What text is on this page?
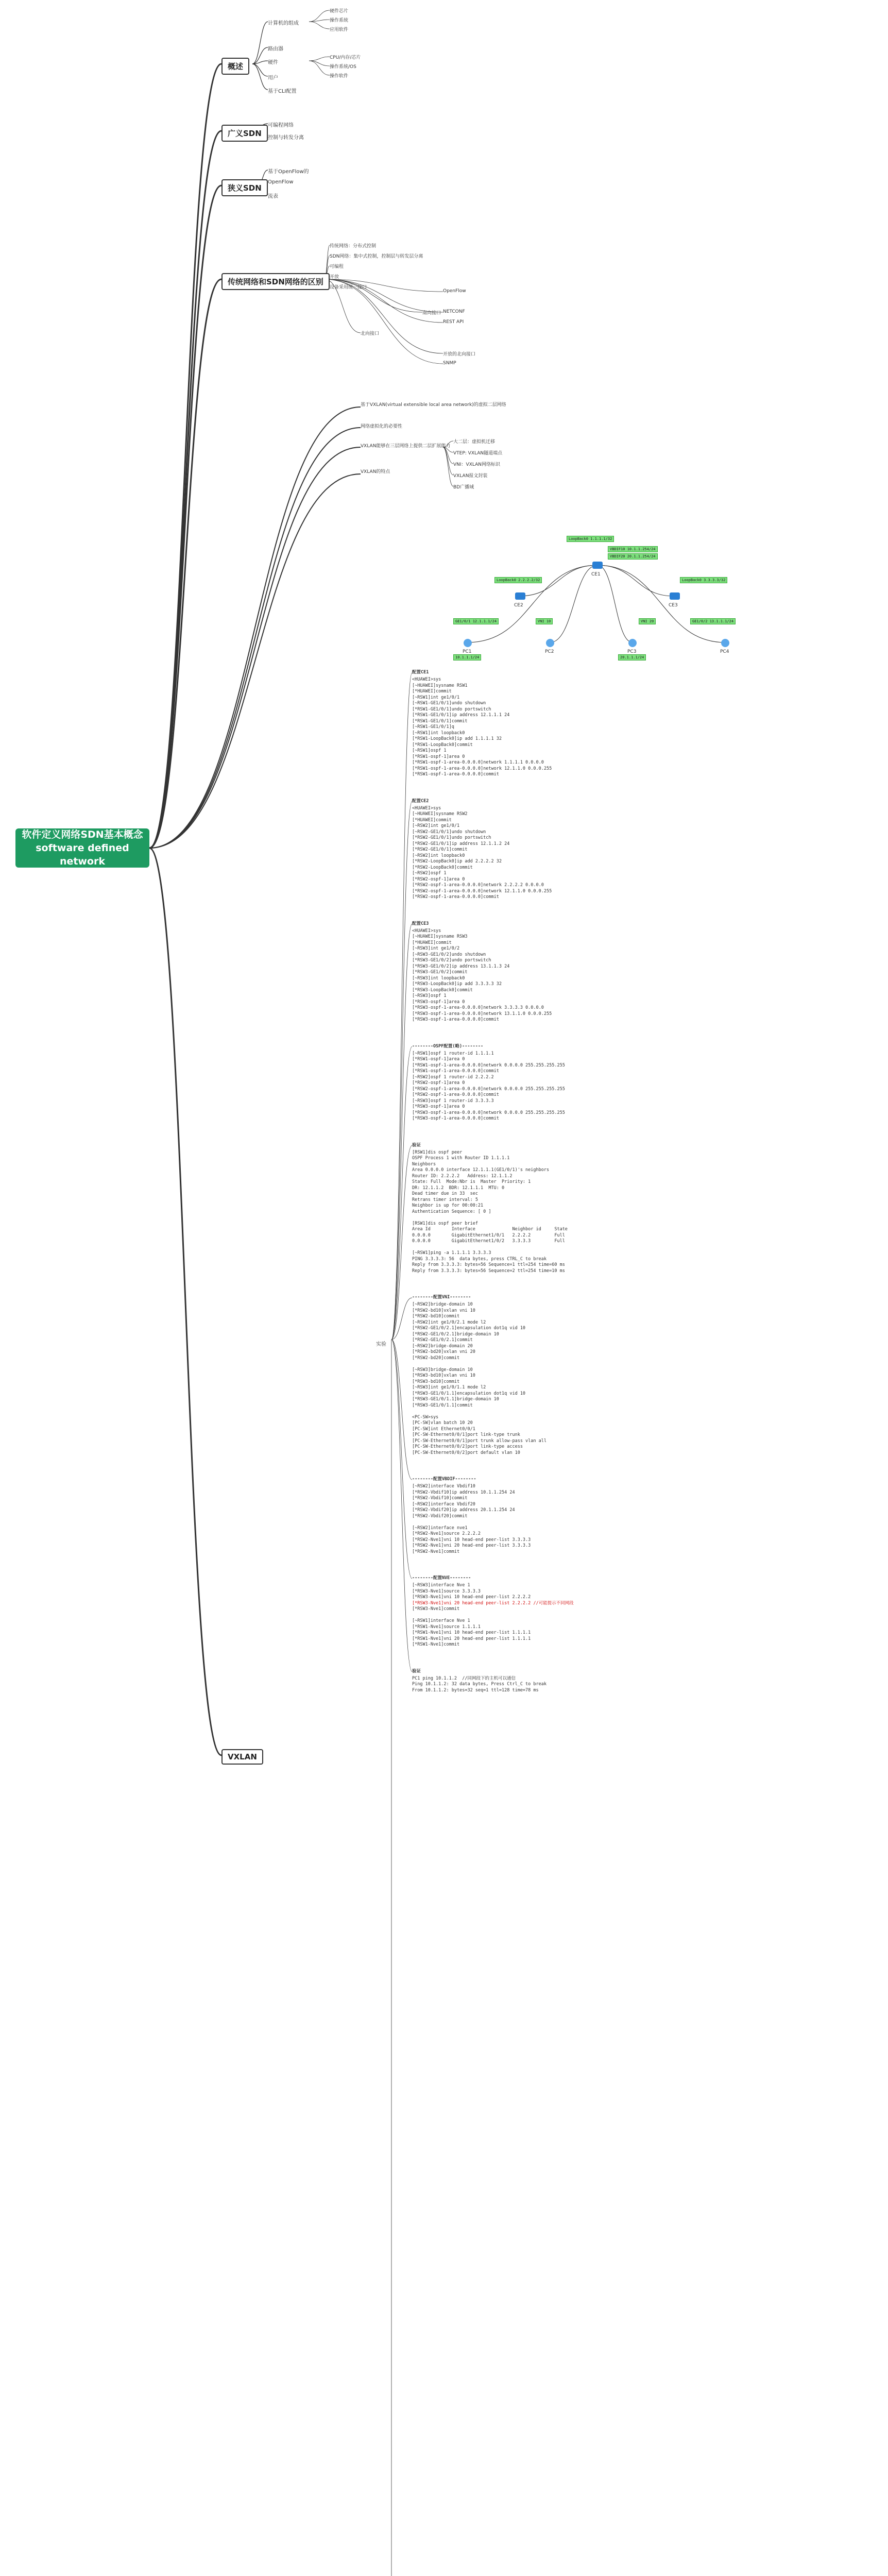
软件定义网络SDN基本概念
software defined network
概述
广义SDN
可编程网络
控制与转发分离
狭义SDN
基于OpenFlow的
OpenFlow
流表
传统网络和SDN网络的区别
VXLAN
实验
计算机的组成
硬件芯片
操作系统
应用软件
路由器
硬件
CPU/内存/芯片
操作系统/OS
操作软件
用户
基于CLI配置
传统网络：分布式控制
SDN网络：集中式控制，控制层与转发层分离
可编程
开放
设备采用统一接口
南向接口
北向接口
OpenFlow
NETCONF
REST API
开放的北向接口
SNMP
基于VXLAN(virtual extensible local area network)的虚拟二层网络
网络虚拟化的必要性
VXLAN能够在三层网络上提供二层扩展能力
VXLAN的特点
大二层：虚拟机迁移
VTEP: VXLAN隧道端点
VNI：VXLAN网络标识
VXLAN报文封装
BD广播域
CE1
CE2	CE3
PC1	PC2	PC3	PC4
VBDIF10 10.1.1.254/24
VBDIF20 20.1.1.254/24
10.1.1.1/24	20.1.1.1/24
LoopBack0 1.1.1.1/32
LoopBack0 2.2.2.2/32	LoopBack0 3.3.3.3/32
GE1/0/1 12.1.1.1/24	GE1/0/2 13.1.1.1/24
VNI 10	VNI 20
配置CE1
<HUAWEI>sys
[~HUAWEI]sysname RSW1
[*HUAWEI]commit
[~RSW1]int ge1/0/1
[~RSW1-GE1/0/1]undo shutdown
[*RSW1-GE1/0/1]undo portswitch
[*RSW1-GE1/0/1]ip address 12.1.1.1 24
[*RSW1-GE1/0/1]commit
[~RSW1-GE1/0/1]q
[~RSW1]int loopback0
[*RSW1-LoopBack0]ip add 1.1.1.1 32
[*RSW1-LoopBack0]commit
[~RSW1]ospf 1
[*RSW1-ospf-1]area 0
[*RSW1-ospf-1-area-0.0.0.0]network 1.1.1.1 0.0.0.0
[*RSW1-ospf-1-area-0.0.0.0]network 12.1.1.0 0.0.0.255
[*RSW1-ospf-1-area-0.0.0.0]commit
配置CE2
<HUAWEI>sys
[~HUAWEI]sysname RSW2
[*HUAWEI]commit
[~RSW2]int ge1/0/1
[~RSW2-GE1/0/1]undo shutdown
[*RSW2-GE1/0/1]undo portswitch
[*RSW2-GE1/0/1]ip address 12.1.1.2 24
[*RSW2-GE1/0/1]commit
[~RSW2]int loopback0
[*RSW2-LoopBack0]ip add 2.2.2.2 32
[*RSW2-LoopBack0]commit
[~RSW2]ospf 1
[*RSW2-ospf-1]area 0
[*RSW2-ospf-1-area-0.0.0.0]network 2.2.2.2 0.0.0.0
[*RSW2-ospf-1-area-0.0.0.0]network 12.1.1.0 0.0.0.255
[*RSW2-ospf-1-area-0.0.0.0]commit
配置CE3
<HUAWEI>sys
[~HUAWEI]sysname RSW3
[*HUAWEI]commit
[~RSW3]int ge1/0/2
[~RSW3-GE1/0/2]undo shutdown
[*RSW3-GE1/0/2]undo portswitch
[*RSW3-GE1/0/2]ip address 13.1.1.3 24
[*RSW3-GE1/0/2]commit
[~RSW3]int loopback0
[*RSW3-LoopBack0]ip add 3.3.3.3 32
[*RSW3-LoopBack0]commit
[~RSW3]ospf 1
[*RSW3-ospf-1]area 0
[*RSW3-ospf-1-area-0.0.0.0]network 3.3.3.3 0.0.0.0
[*RSW3-ospf-1-area-0.0.0.0]network 13.1.1.0 0.0.0.255
[*RSW3-ospf-1-area-0.0.0.0]commit
--------OSPF配置(略)--------
[~RSW1]ospf 1 router-id 1.1.1.1
[*RSW1-ospf-1]area 0
[*RSW1-ospf-1-area-0.0.0.0]network 0.0.0.0 255.255.255.255
[*RSW1-ospf-1-area-0.0.0.0]commit
[~RSW2]ospf 1 router-id 2.2.2.2
[*RSW2-ospf-1]area 0
[*RSW2-ospf-1-area-0.0.0.0]network 0.0.0.0 255.255.255.255
[*RSW2-ospf-1-area-0.0.0.0]commit
[~RSW3]ospf 1 router-id 3.3.3.3
[*RSW3-ospf-1]area 0
[*RSW3-ospf-1-area-0.0.0.0]network 0.0.0.0 255.255.255.255
[*RSW3-ospf-1-area-0.0.0.0]commit
验证
[RSW1]dis ospf peer
OSPF Process 1 with Router ID 1.1.1.1
Neighbors
Area 0.0.0.0 interface 12.1.1.1(GE1/0/1)'s neighbors
Router ID: 2.2.2.2   Address: 12.1.1.2
State: Full  Mode:Nbr is  Master  Priority: 1
DR: 12.1.1.2  BDR: 12.1.1.1  MTU: 0
Dead timer due in 33  sec
Retrans timer interval: 5
Neighbor is up for 00:00:21
Authentication Sequence: [ 0 ]
[RSW1]dis ospf peer brief
Area Id        Interface              Neighbor id     State
0.0.0.0        GigabitEthernet1/0/1   2.2.2.2         Full
0.0.0.0        GigabitEthernet1/0/2   3.3.3.3         Full
[~RSW1]ping -a 1.1.1.1 3.3.3.3
PING 3.3.3.3: 56  data bytes, press CTRL_C to break
Reply from 3.3.3.3: bytes=56 Sequence=1 ttl=254 time=60 ms
Reply from 3.3.3.3: bytes=56 Sequence=2 ttl=254 time=10 ms
--------配置VNI--------
[~RSW2]bridge-domain 10
[*RSW2-bd10]vxlan vni 10
[*RSW2-bd10]commit
[~RSW2]int ge1/0/2.1 mode l2
[*RSW2-GE1/0/2.1]encapsulation dot1q vid 10
[*RSW2-GE1/0/2.1]bridge-domain 10
[*RSW2-GE1/0/2.1]commit
[~RSW2]bridge-domain 20
[*RSW2-bd20]vxlan vni 20
[*RSW2-bd20]commit
[~RSW3]bridge-domain 10
[*RSW3-bd10]vxlan vni 10
[*RSW3-bd10]commit
[~RSW3]int ge1/0/1.1 mode l2
[*RSW3-GE1/0/1.1]encapsulation dot1q vid 10
[*RSW3-GE1/0/1.1]bridge-domain 10
[*RSW3-GE1/0/1.1]commit
<PC-SW>sys
[PC-SW]vlan batch 10 20
[PC-SW]int Ethernet0/0/1
[PC-SW-Ethernet0/0/1]port link-type trunk
[PC-SW-Ethernet0/0/1]port trunk allow-pass vlan all
[PC-SW-Ethernet0/0/2]port link-type access
[PC-SW-Ethernet0/0/2]port default vlan 10
--------配置VBDIF--------
[~RSW2]interface Vbdif10
[*RSW2-Vbdif10]ip address 10.1.1.254 24
[*RSW2-Vbdif10]commit
[~RSW2]interface Vbdif20
[*RSW2-Vbdif20]ip address 20.1.1.254 24
[*RSW2-Vbdif20]commit
[~RSW2]interface nve1
[*RSW2-Nve1]source 2.2.2.2
[*RSW2-Nve1]vni 10 head-end peer-list 3.3.3.3
[*RSW2-Nve1]vni 20 head-end peer-list 3.3.3.3
[*RSW2-Nve1]commit
--------配置NVE--------
[~RSW3]interface Nve 1
[*RSW3-Nve1]source 3.3.3.3
[*RSW3-Nve1]vni 10 head-end peer-list 2.2.2.2
[*RSW3-Nve1]vni 20 head-end peer-list 2.2.2.2 //可能提示不同网段
[*RSW3-Nve1]commit
[~RSW1]interface Nve 1
[*RSW1-Nve1]source 1.1.1.1
[*RSW1-Nve1]vni 10 head-end peer-list 1.1.1.1
[*RSW1-Nve1]vni 20 head-end peer-list 1.1.1.1
[*RSW1-Nve1]commit
验证
PC1 ping 10.1.1.2  //同网段下的主机可以通信
Ping 10.1.1.2: 32 data bytes, Press Ctrl_C to break
From 10.1.1.2: bytes=32 seq=1 ttl=128 time=78 ms
